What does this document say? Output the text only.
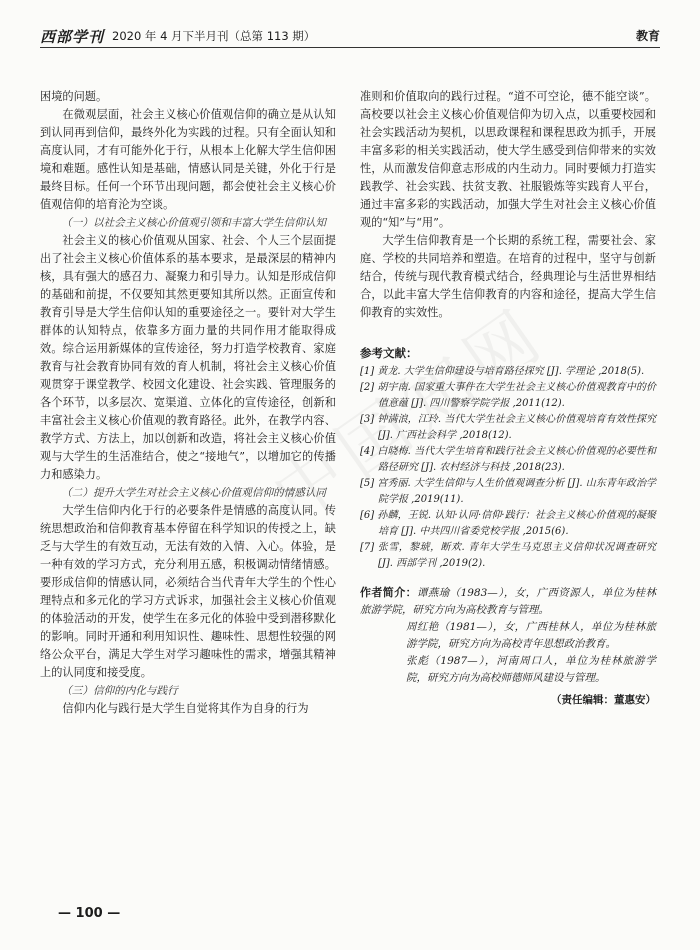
西部学刊 2020 年 4 月下半月刊（总第 113 期）	教育

困境的问题。

在微观层面，社会主义核心价值观信仰的确立是从认知到认同再到信仰，最终外化为实践的过程。只有全面认知和高度认同，才有可能外化于行，从根本上化解大学生信仰困境和难题。感性认知是基础，情感认同是关键，外化于行是最终目标。任何一个环节出现问题，都会使社会主义核心价值观信仰的培育沦为空谈。

（一）以社会主义核心价值观引领和丰富大学生信仰认知

社会主义的核心价值观从国家、社会、个人三个层面提出了社会主义核心价值体系的基本要求，是最深层的精神内核，具有强大的感召力、凝聚力和引导力。认知是形成信仰的基础和前提，不仅要知其然更要知其所以然。正面宣传和教育引导是大学生信仰认知的重要途径之一。要针对大学生群体的认知特点，依靠多方面力量的共同作用才能取得成效。综合运用新媒体的宣传途径，努力打造学校教育、家庭教育与社会教育协同有效的育人机制，将社会主义核心价值观贯穿于课堂教学、校园文化建设、社会实践、管理服务的各个环节，以多层次、宽渠道、立体化的宣传途径，创新和丰富社会主义核心价值观的教育路径。此外，在教学内容、教学方式、方法上，加以创新和改造，将社会主义核心价值观与大学生的生活准结合，使之“接地气”，以增加它的传播力和感染力。

（二）提升大学生对社会主义核心价值观信仰的情感认同

大学生信仰内化于行的必要条件是情感的高度认同。传统思想政治和信仰教育基本停留在科学知识的传授之上，缺乏与大学生的有效互动，无法有效的入情、入心。体验，是一种有效的学习方式，充分利用五感，积极调动情绪情感。要形成信仰的情感认同，必须结合当代青年大学生的个性心理特点和多元化的学习方式诉求，加强社会主义核心价值观的体验活动的开发，使学生在多元化的体验中受到潜移默化的影响。同时开通和利用知识性、趣味性、思想性较强的网络公众平台，满足大学生对学习趣味性的需求，增强其精神上的认同度和接受度。

（三）信仰的内化与践行

信仰内化与践行是大学生自觉将其作为自身的行为

准则和价值取向的践行过程。“道不可空论，德不能空谈”。高校要以社会主义核心价值观信仰为切入点，以重要校园和社会实践活动为契机，以思政课程和课程思政为抓手，开展丰富多彩的相关实践活动，使大学生感受到信仰带来的实效性，从而激发信仰意志形成的内生动力。同时要倾力打造实践教学、社会实践、扶贫支教、社服锻炼等实践育人平台，通过丰富多彩的实践活动，加强大学生对社会主义核心价值观的“知”与“用”。

大学生信仰教育是一个长期的系统工程，需要社会、家庭、学校的共同培养和塑造。在培育的过程中，坚守与创新结合，传统与现代教育模式结合，经典理论与生活世界相结合，以此丰富大学生信仰教育的内容和途径，提高大学生信仰教育的实效性。

参考文献：

[1] 黄龙. 大学生信仰建设与培育路径探究 [J]. 学理论 ,2018(5).
[2] 胡宇南. 国家重大事件在大学生社会主义核心价值观教育中的价值意蕴 [J]. 四川警察学院学报 ,2011(12).
[3] 钟满浪，江玲. 当代大学生社会主义核心价值观培育有效性探究 [J]. 广西社会科学 ,2018(12).
[4] 白晓梅. 当代大学生培育和践行社会主义核心价值观的必要性和路径研究 [J]. 农村经济与科技 ,2018(23).
[5] 宫秀丽. 大学生信仰与人生价值观调查分析 [J]. 山东青年政治学院学报 ,2019(11).
[6] 孙麟，王锐. 认知·认同·信仰·践行：社会主义核心价值观的凝聚培育 [J]. 中共四川省委党校学报 ,2015(6).
[7] 张雪，黎琥，断欢. 青年大学生马克思主义信仰状况调查研究 [J]. 西部学刊 ,2019(2).
作者简介：谭燕瑜（1983—），女，广西资源人，单位为桂林旅游学院，研究方向为高校教育与管理。
周红艳（1981—），女，广西桂林人，单位为桂林旅游学院，研究方向为高校青年思想政治教育。
张彪（1987—），河南周口人，单位为桂林旅游学院，研究方向为高校师德师风建设与管理。
（责任编辑：董惠安）
— 100 —
